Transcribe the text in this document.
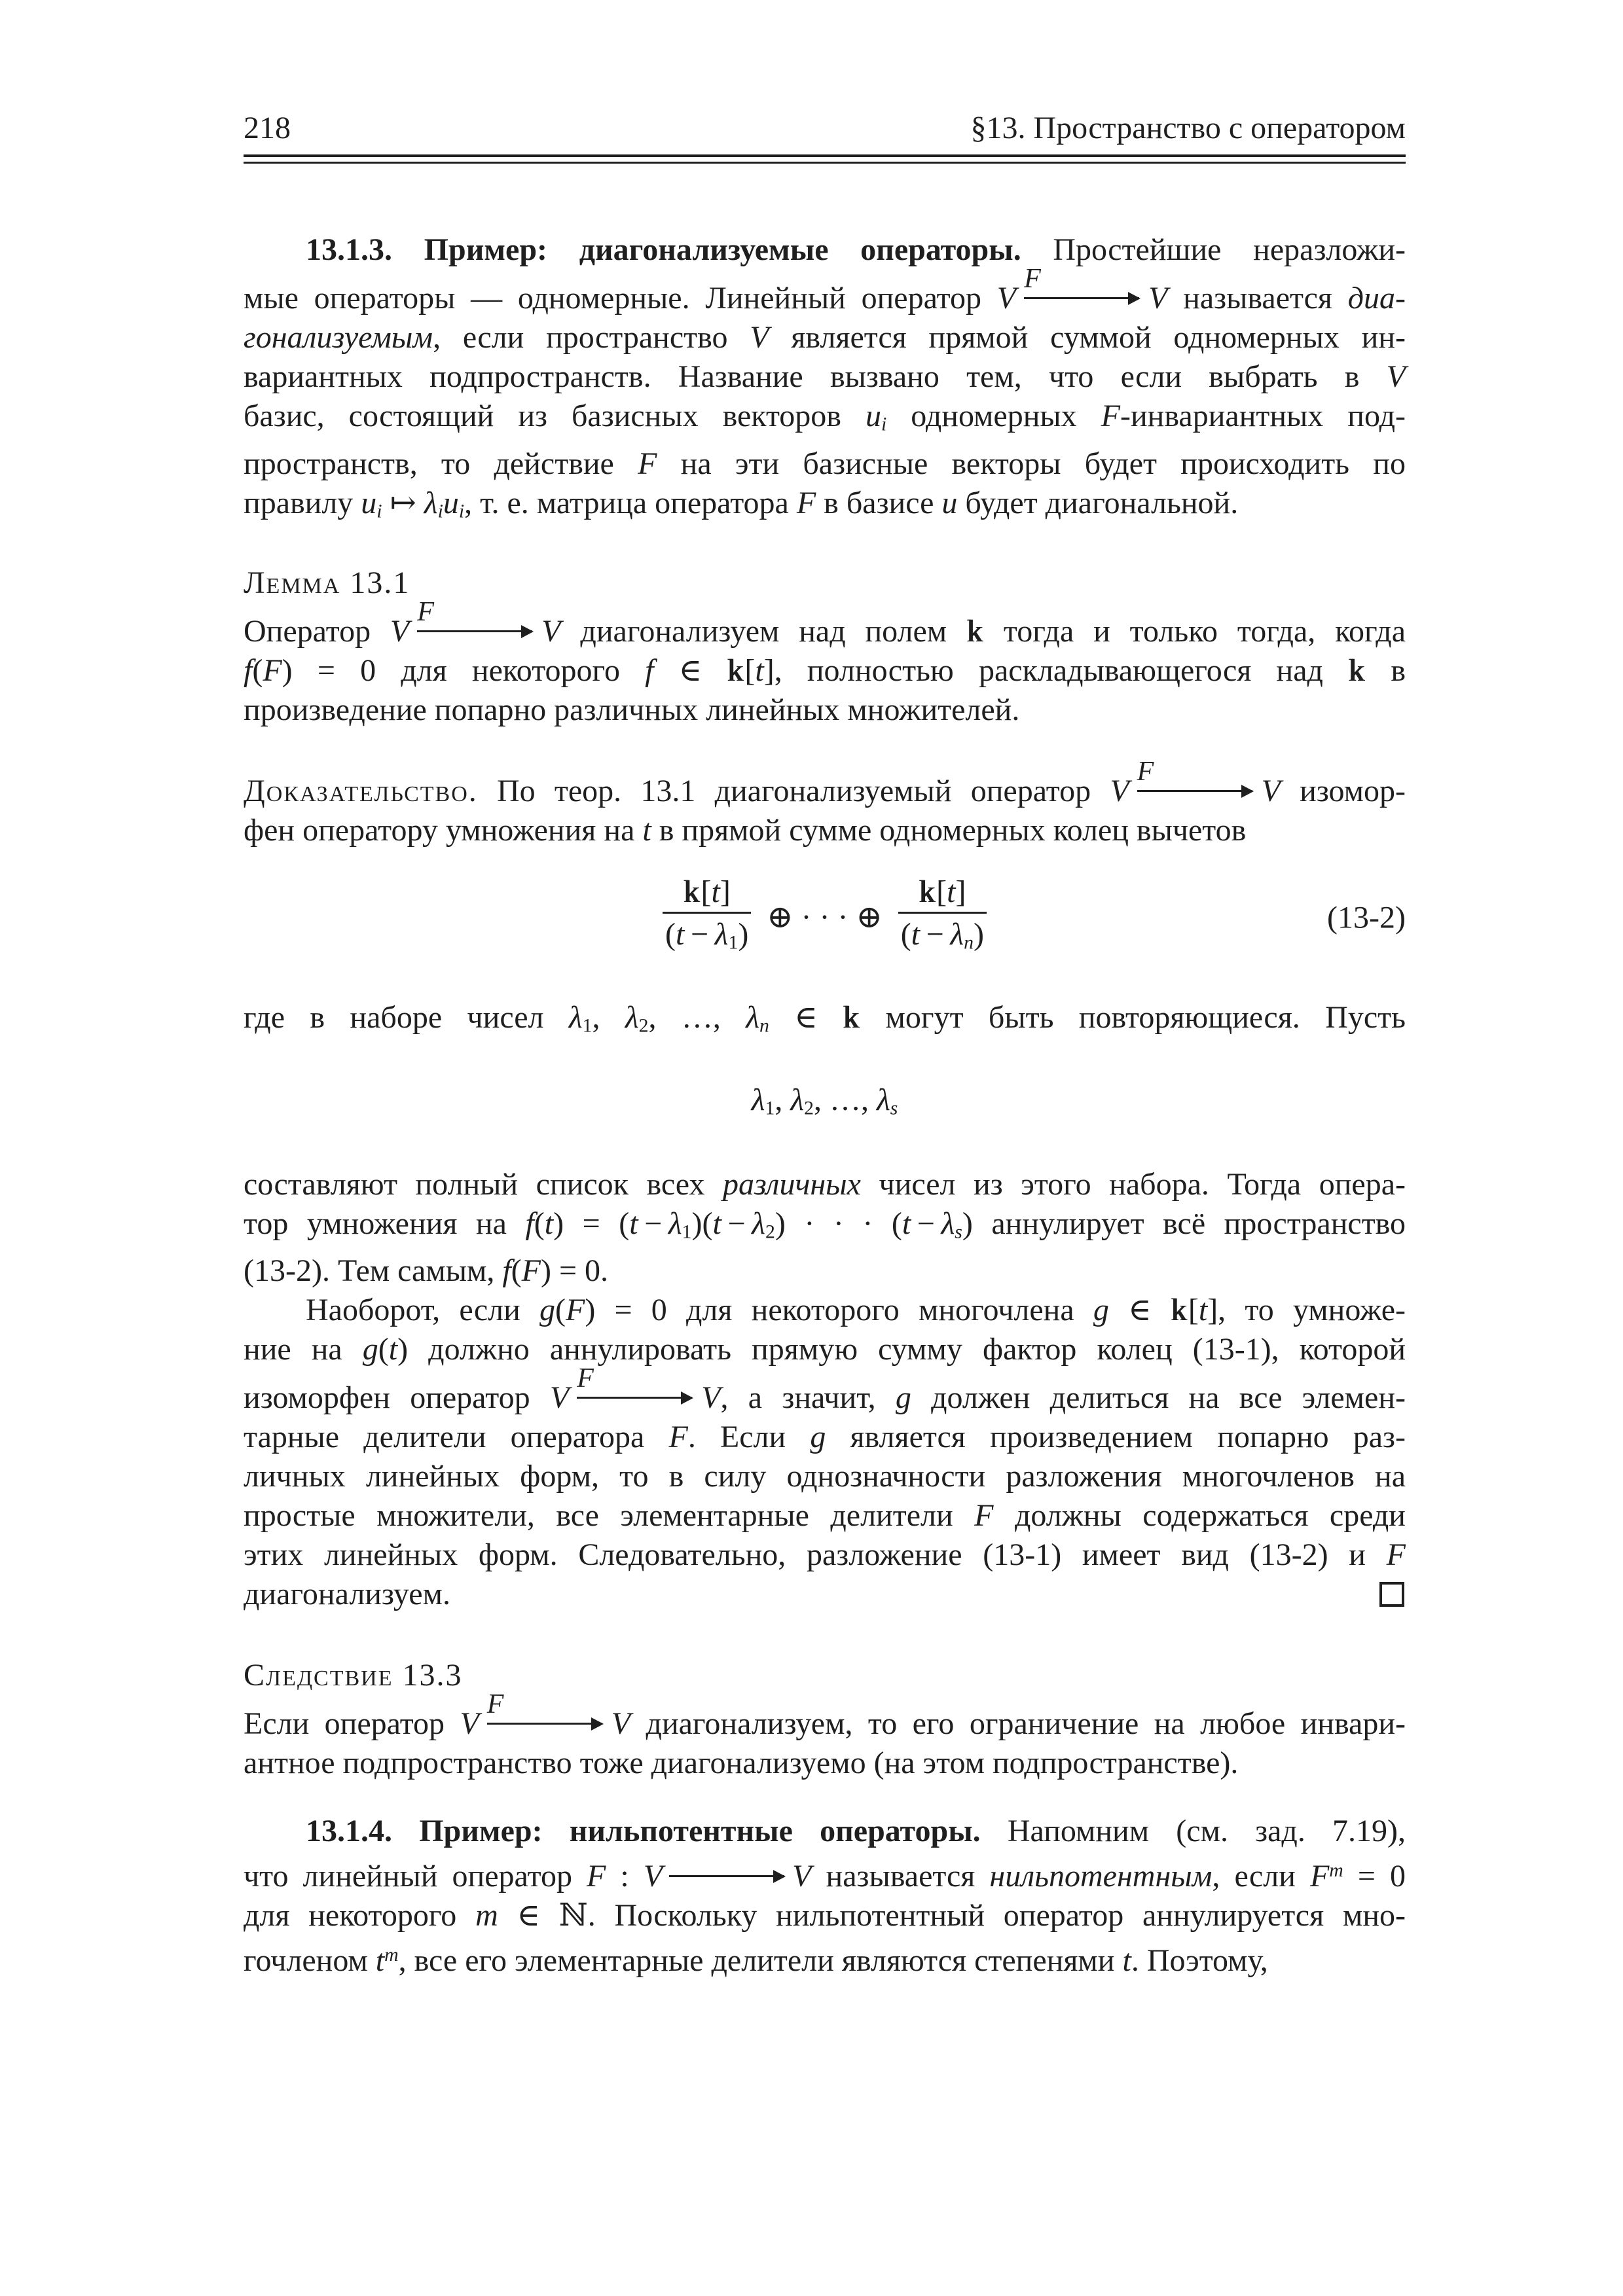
218	§13. Пространство с оператором
13.1.3. Пример: диагонализуемые операторы. Простейшие неразложи-
мые операторы — одномерные. Линейный оператор V
F
V называется диа-
гонализуемым, если пространство V является прямой суммой одномерных ин-
вариантных подпространств. Название вызвано тем, что если выбрать в V
базис, состоящий из базисных векторов ui одномерных F-инвариантных под-
пространств, то действие F на эти базисные векторы будет происходить по
правилу ui ↦ λiui, т. е. матрица оператора F в базисе u будет диагональной.
Лемма 13.1
Оператор V
F
V диагонализуем над полем k тогда и только тогда, когда
f(F) = 0 для некоторого f ∈ k[t], полностью раскладывающегося над k в
произведение попарно различных линейных множителей.
Доказательство. По теор. 13.1 диагонализуемый оператор V
F
V изомор-
фен оператору умножения на t в прямой сумме одномерных колец вычетов
$\frac{k[t]}{(t - \lambda 1)}$ ⊕ · · · ⊕ $\frac{k[t]}{(t - \lambda n)}$	(13-2)
где в наборе чисел λ1, λ2, …, λn ∈ k могут быть повторяющиеся. Пусть
λ1, λ2, …, λs
составляют полный список всех различных чисел из этого набора. Тогда опера-
тор умножения на f(t) = (t − λ1)(t − λ2) · · · (t − λs) аннулирует всё пространство
(13-2). Тем самым, f(F) = 0.
Наоборот, если g(F) = 0 для некоторого многочлена g ∈ k[t], то умноже-
ние на g(t) должно аннулировать прямую сумму фактор колец (13-1), которой
изоморфен оператор V
F
V, а значит, g должен делиться на все элемен-
тарные делители оператора F. Если g является произведением попарно раз-
личных линейных форм, то в силу однозначности разложения многочленов на
простые множители, все элементарные делители F должны содержаться среди
этих линейных форм. Следовательно, разложение (13-1) имеет вид (13-2) и F
диагонализуем.
Следствие 13.3
Если оператор V
F
V диагонализуем, то его ограничение на любое инвари-
антное подпространство тоже диагонализуемо (на этом подпространстве).
13.1.4. Пример: нильпотентные операторы. Напомним (см. зад. 7.19),
что линейный оператор F : V	V называется нильпотентным, если $F^m = 0$
для некоторого m ∈ ℕ. Поскольку нильпотентный оператор аннулируется мно-
гочленом $t^m$, все его элементарные делители являются степенями t. Поэтому,
